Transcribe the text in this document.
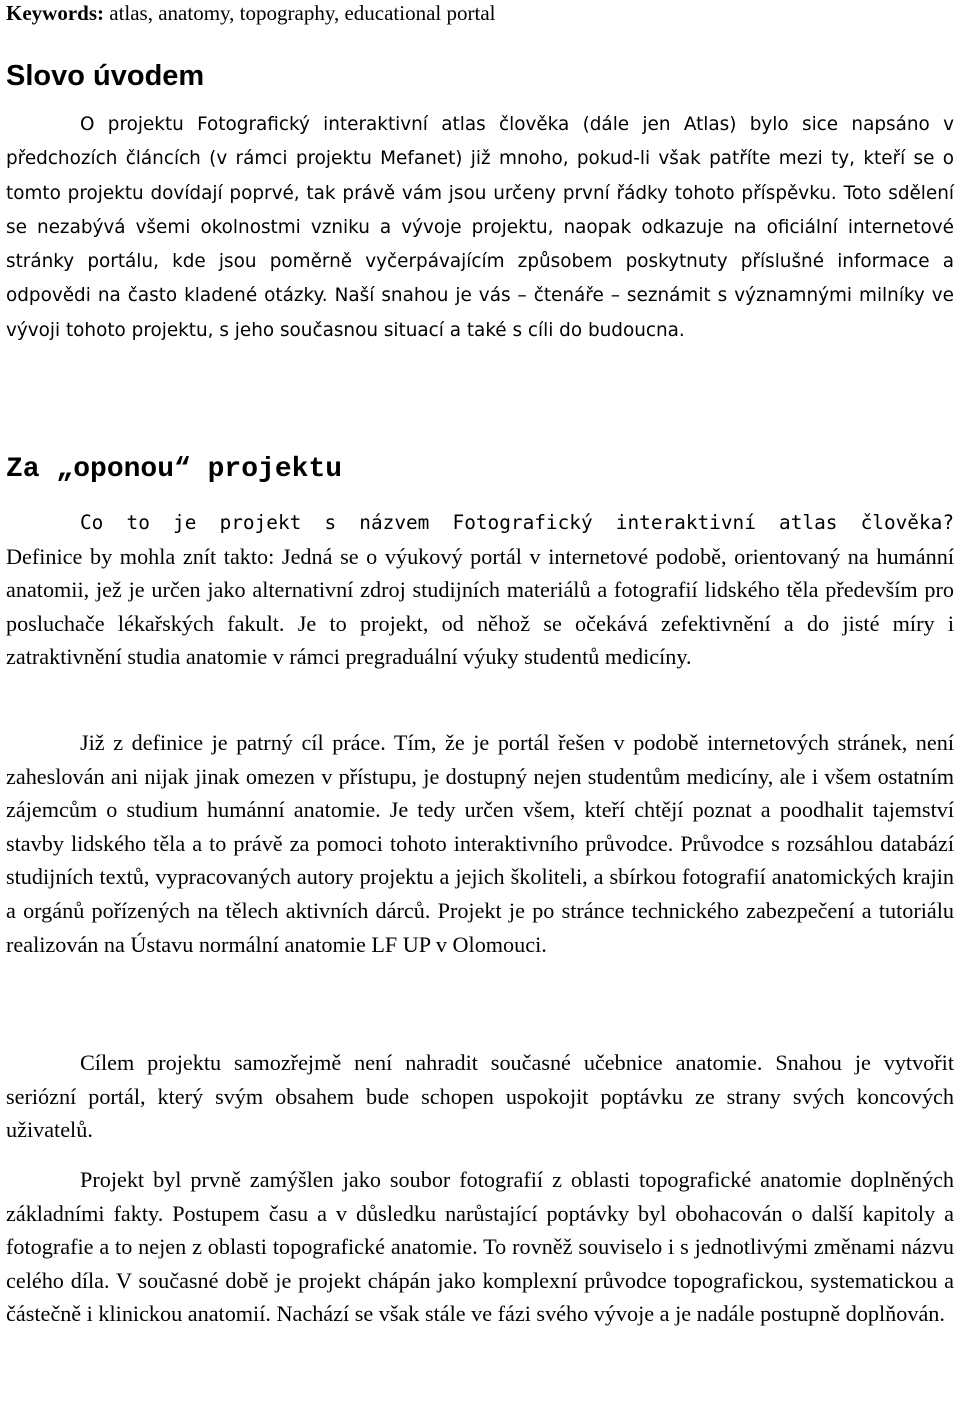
Keywords: atlas, anatomy, topography, educational portal
Slovo úvodem

O projektu Fotografický interaktivní atlas člověka (dále jen Atlas) bylo sice napsáno v předchozích článcích (v rámci projektu Mefanet) již mnoho, pokud-li však patříte mezi ty, kteří se o tomto projektu dovídají poprvé, tak právě vám jsou určeny první řádky tohoto příspěvku. Toto sdělení se nezabývá všemi okolnostmi vzniku a vývoje projektu, naopak odkazuje na oficiální internetové stránky portálu, kde jsou poměrně vyčerpávajícím způsobem poskytnuty příslušné informace a odpovědi na často kladené otázky. Naší snahou je vás – čtenáře – seznámit s významnými milníky ve vývoji tohoto projektu, s jeho současnou situací a také s cíli do budoucna.

Za „oponou“ projektu

Co to je projekt s názvem Fotografický interaktivní atlas člověka? Definice by mohla znít takto: Jedná se o výukový portál v internetové podobě, orientovaný na humánní anatomii, jež je určen jako alternativní zdroj studijních materiálů a fotografií lidského těla především pro posluchače lékařských fakult. Je to projekt, od něhož se očekává zefektivnění a do jisté míry i zatraktivnění studia anatomie v rámci pregraduální výuky studentů medicíny.

Již z definice je patrný cíl práce. Tím, že je portál řešen v podobě internetových stránek, není zaheslován ani nijak jinak omezen v přístupu, je dostupný nejen studentům medicíny, ale i všem ostatním zájemcům o studium humánní anatomie. Je tedy určen všem, kteří chtějí poznat a poodhalit tajemství stavby lidského těla a to právě za pomoci tohoto interaktivního průvodce. Průvodce s rozsáhlou databází studijních textů, vypracovaných autory projektu a jejich školiteli, a sbírkou fotografií anatomických krajin a orgánů pořízených na tělech aktivních dárců. Projekt je po stránce technického zabezpečení a tutoriálu realizován na Ústavu normální anatomie LF UP v Olomouci.

Cílem projektu samozřejmě není nahradit současné učebnice anatomie. Snahou je vytvořit seriózní portál, který svým obsahem bude schopen uspokojit poptávku ze strany svých koncových uživatelů.

Projekt byl prvně zamýšlen jako soubor fotografií z oblasti topografické anatomie doplněných základními fakty. Postupem času a v důsledku narůstající poptávky byl obohacován o další kapitoly a fotografie a to nejen z oblasti topografické anatomie. To rovněž souviselo i s jednotlivými změnami názvu celého díla. V současné době je projekt chápán jako komplexní průvodce topografickou, systematickou a částečně i klinickou anatomií. Nachází se však stále ve fázi svého vývoje a je nadále postupně doplňován.
